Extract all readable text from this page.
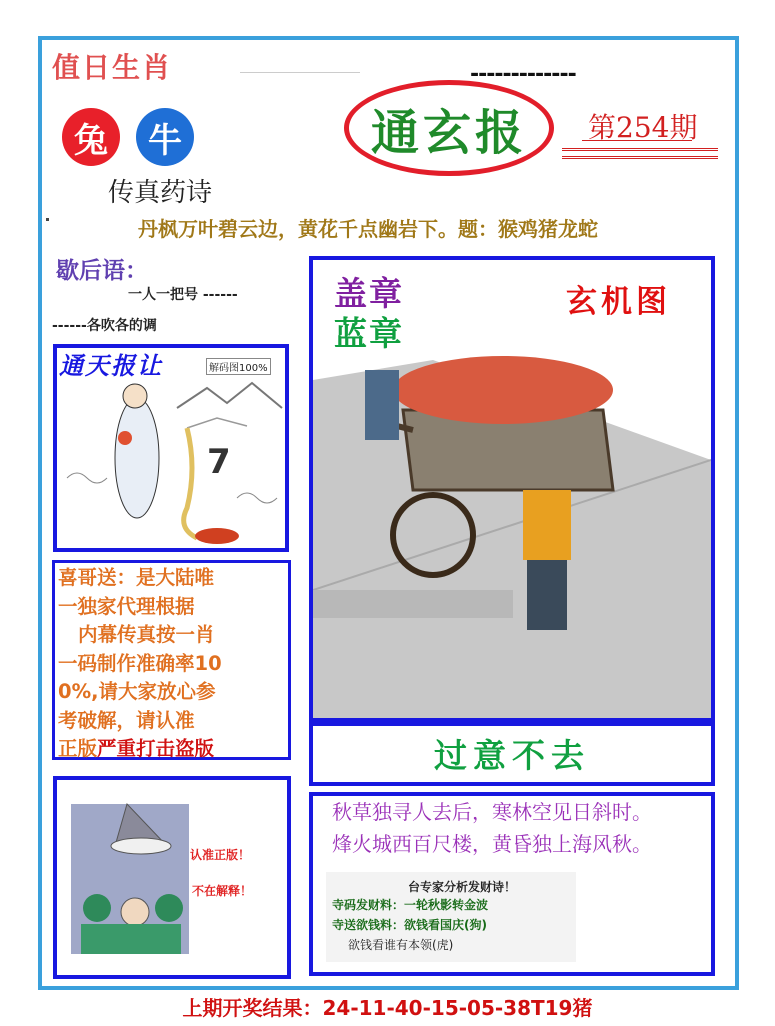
值日生肖	-------------
兔	牛
传真药诗
通玄报 第254期
丹枫万叶碧云边，黄花千点幽岩下。题：猴鸡猪龙蛇
歇后语：
一人一把号 ------
------各吹各的调
7
通天报让	解码图100%
喜哥送：是大陆唯
一独家代理根据
内幕传真按一肖
一码制作准确率10
0%,请大家放心参
考破解，请认准
正版严重打击盗版
认准正版！
不在解释！
盖章
蓝章
玄机图
过意不去
秋草独寻人去后，寒林空见日斜时。
烽火城西百尺楼，黄昏独上海风秋。
台专家分析发财诗！
寺码发财料：一轮秋影转金波
寺送欲钱料：欲钱看国庆(狗)
欲钱看谁有本领(虎)
上期开奖结果：24-11-40-15-05-38T19猪
